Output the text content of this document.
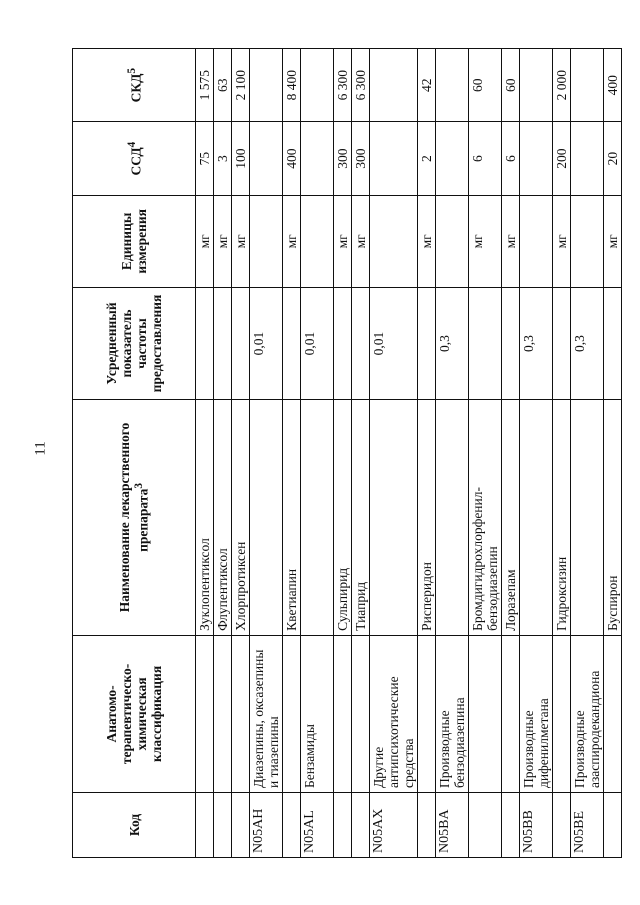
11
Код	Анатомо-терапевтическо-химическая классификация	Наименование лекарственного препарата$^3$	Усредненный показатель частоты предоставления	Единицы измерения	ССД$^4$	СКД$^5$
		Зуклопентиксол		мг	75	1 575
		Флупентиксол		мг	3	63
		Хлорпротиксен		мг	100	2 100
N05AH	Диазепины, оксазепины и тиазепины		0,01			
		Кветиапин		мг	400	8 400
N05AL	Бензамиды		0,01			
		Сульпирид		мг	300	6 300
		Тиаприд		мг	300	6 300
N05AX	Другие антипсихотические средства		0,01			
		Рисперидон		мг	2	42
N05BA	Производные бензодиазепина		0,3			
		Бромдигидрохлорфенил-бензодиазепин		мг	6	60
		Лоразепам		мг	6	60
N05BB	Производные дифенилметана		0,3			
		Гидроксизин		мг	200	2 000
N05BE	Производные азаспиродекандиона		0,3			
		Буспирон		мг	20	400
